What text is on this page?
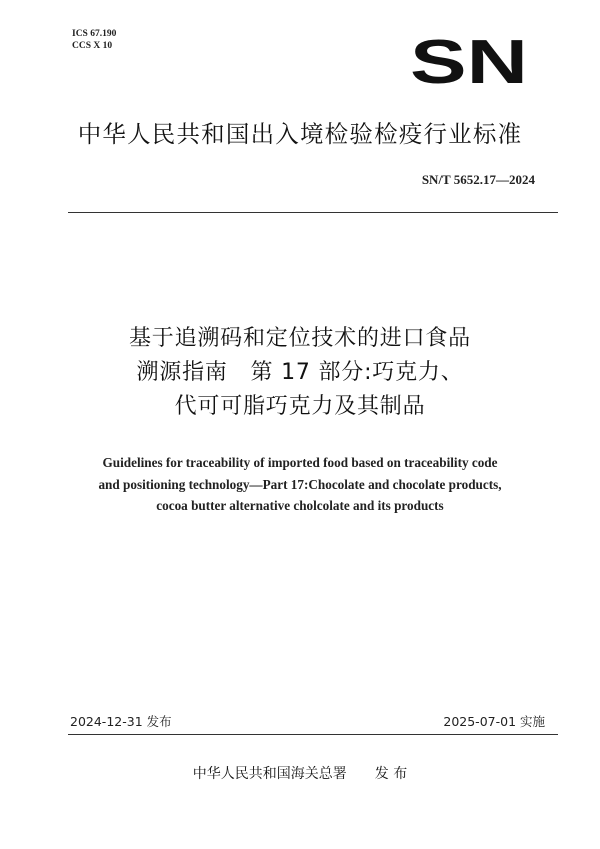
ICS 67.190
CCS X 10	SN
中华人民共和国出入境检验检疫行业标准
SN/T 5652.17—2024
基于追溯码和定位技术的进口食品
溯源指南　第 17 部分:巧克力、
代可可脂巧克力及其制品
Guidelines for traceability of imported food based on traceability code
and positioning technology—Part 17:Chocolate and chocolate products,
cocoa butter alternative cholcolate and its products
2024-12-31 发布	2025-07-01 实施
中华人民共和国海关总署 发 布
